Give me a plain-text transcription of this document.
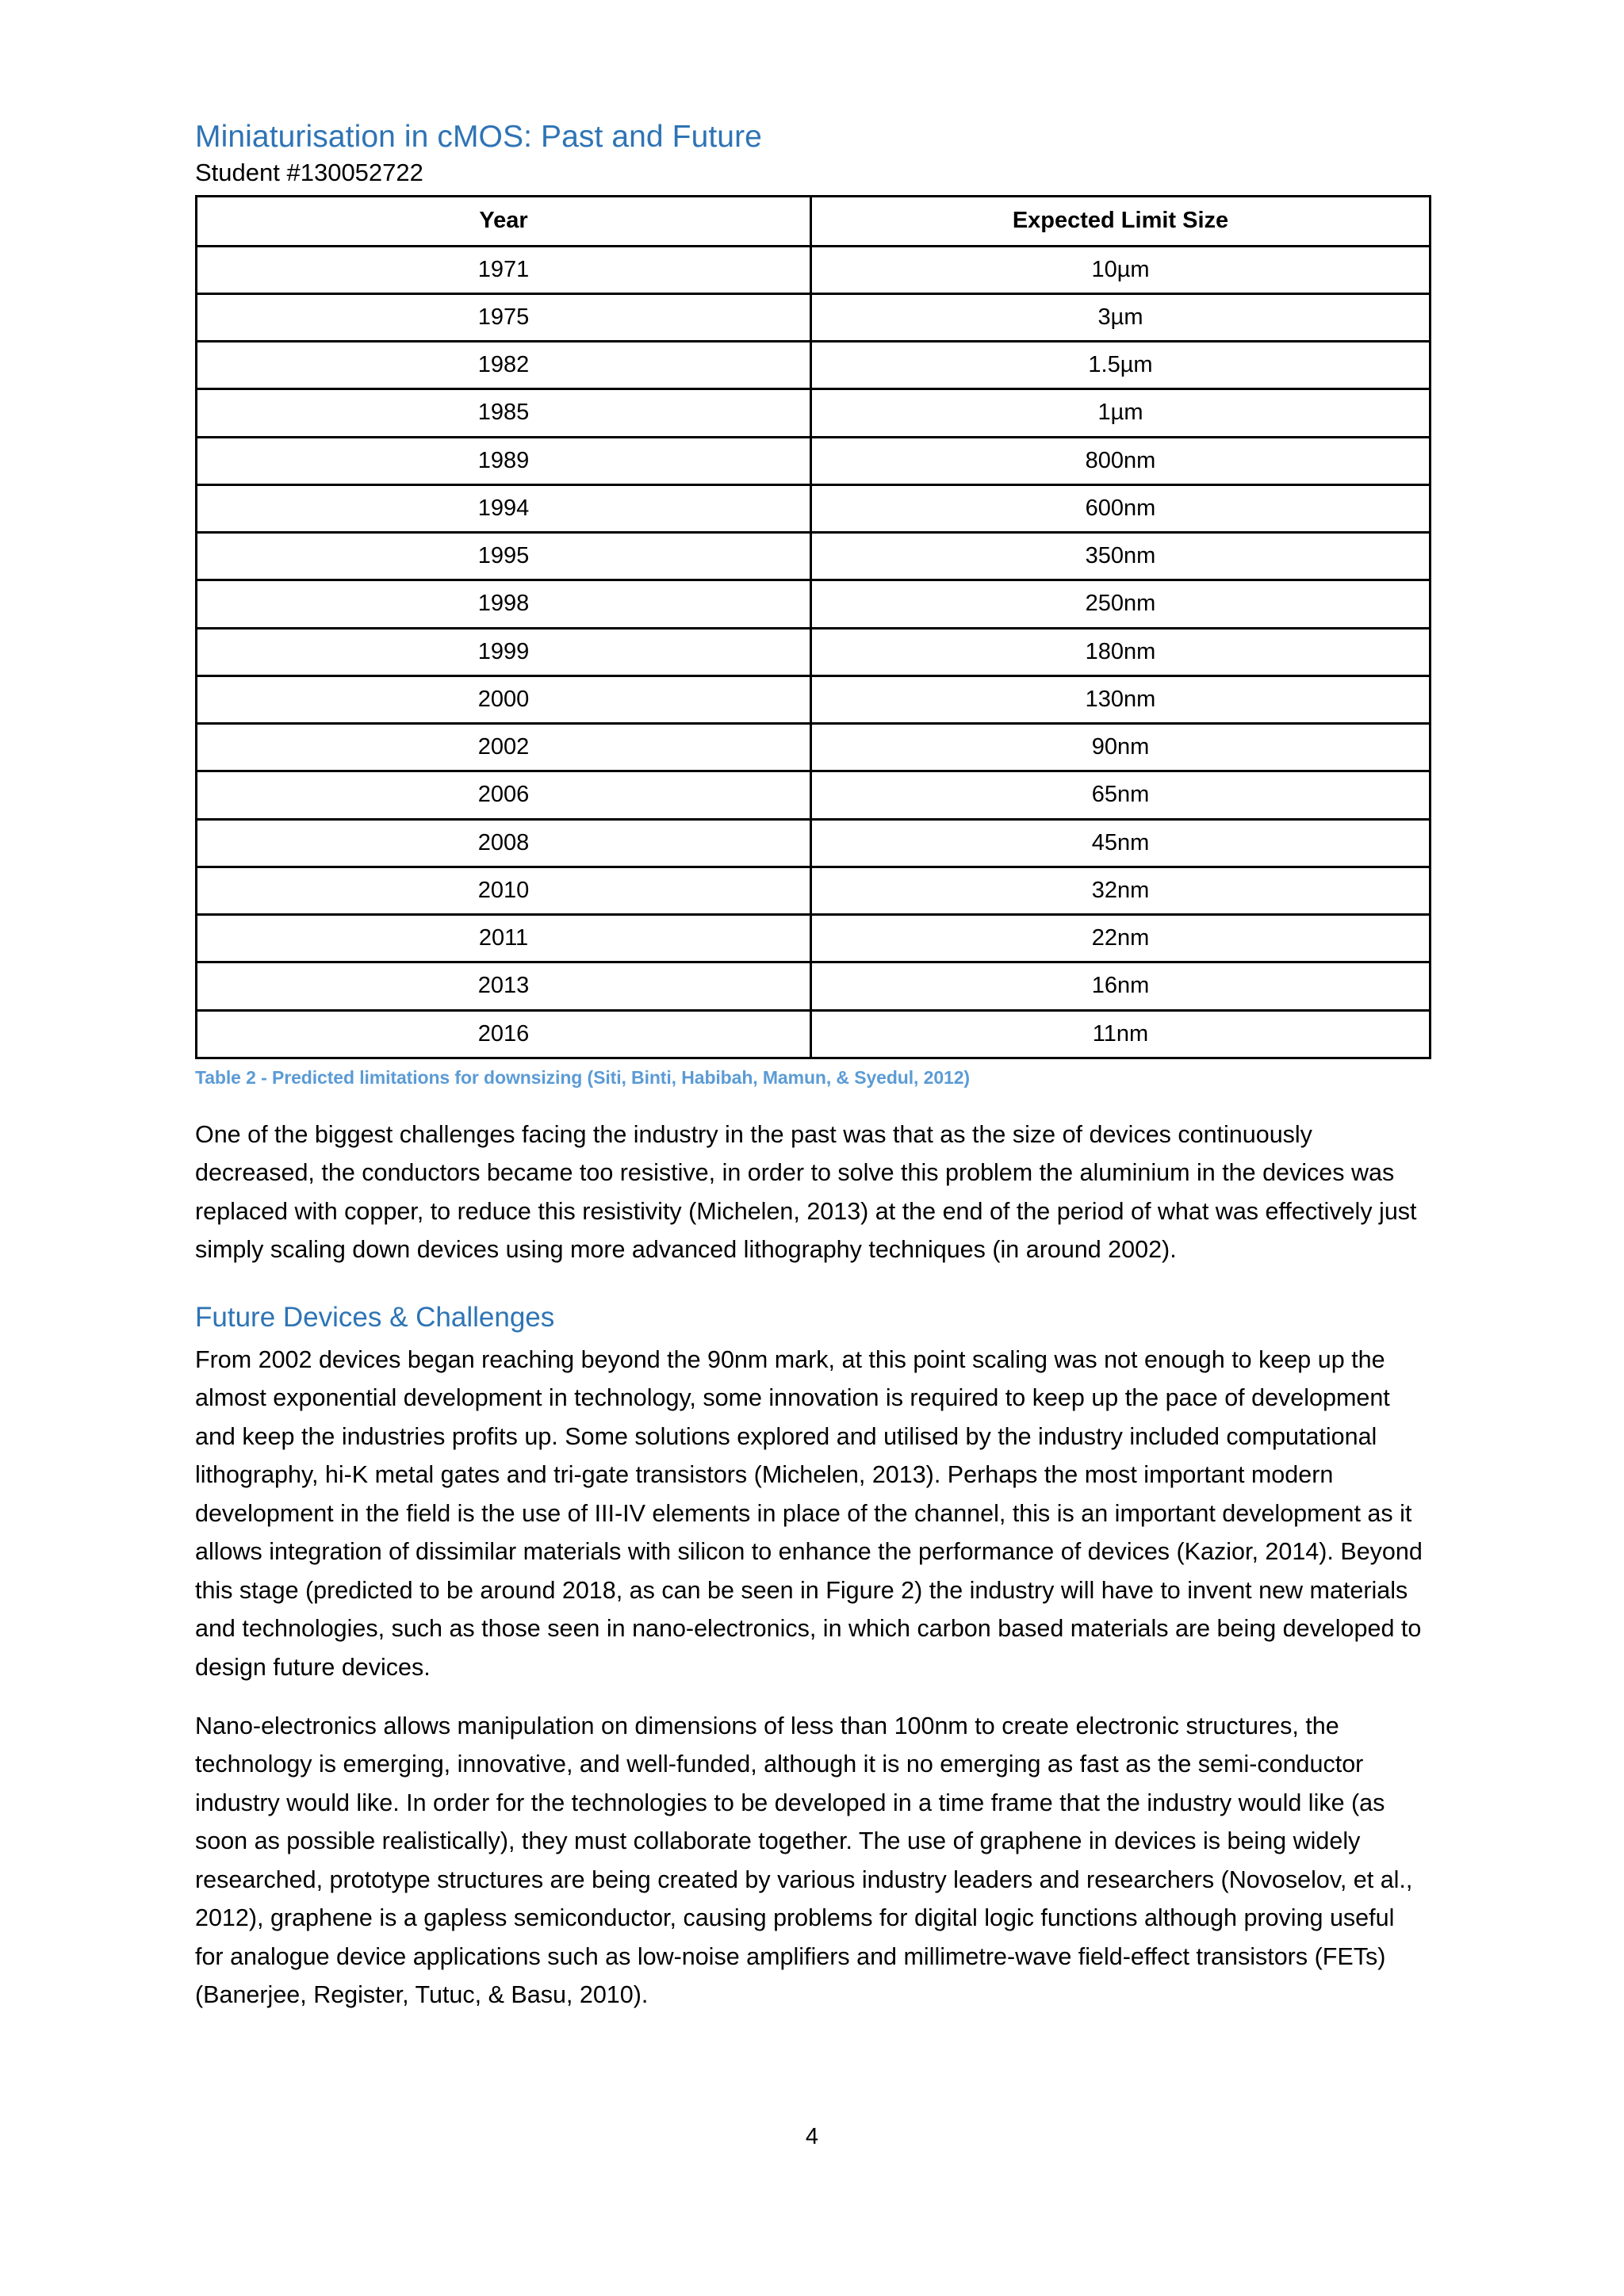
Miniaturisation in cMOS: Past and Future
Student #130052722
Year	Expected Limit Size
1971	10µm
1975	3µm
1982	1.5µm
1985	1µm
1989	800nm
1994	600nm
1995	350nm
1998	250nm
1999	180nm
2000	130nm
2002	90nm
2006	65nm
2008	45nm
2010	32nm
2011	22nm
2013	16nm
2016	11nm
Table 2 - Predicted limitations for downsizing (Siti, Binti, Habibah, Mamun, & Syedul, 2012)

One of the biggest challenges facing the industry in the past was that as the size of devices continuously decreased, the conductors became too resistive, in order to solve this problem the aluminium in the devices was replaced with copper, to reduce this resistivity (Michelen, 2013) at the end of the period of what was effectively just simply scaling down devices using more advanced lithography techniques (in around 2002).

Future Devices & Challenges

From 2002 devices began reaching beyond the 90nm mark, at this point scaling was not enough to keep up the almost exponential development in technology, some innovation is required to keep up the pace of development and keep the industries profits up. Some solutions explored and utilised by the industry included computational lithography, hi-K metal gates and tri-gate transistors (Michelen, 2013). Perhaps the most important modern development in the field is the use of III-IV elements in place of the channel, this is an important development as it allows integration of dissimilar materials with silicon to enhance the performance of devices (Kazior, 2014). Beyond this stage (predicted to be around 2018, as can be seen in Figure 2) the industry will have to invent new materials and technologies, such as those seen in nano-electronics, in which carbon based materials are being developed to design future devices.

Nano-electronics allows manipulation on dimensions of less than 100nm to create electronic structures, the technology is emerging, innovative, and well-funded, although it is no emerging as fast as the semi-conductor industry would like. In order for the technologies to be developed in a time frame that the industry would like (as soon as possible realistically), they must collaborate together. The use of graphene in devices is being widely researched, prototype structures are being created by various industry leaders and researchers (Novoselov, et al., 2012), graphene is a gapless semiconductor, causing problems for digital logic functions although proving useful for analogue device applications such as low-noise amplifiers and millimetre-wave field-effect transistors (FETs) (Banerjee, Register, Tutuc, & Basu, 2010).

4
